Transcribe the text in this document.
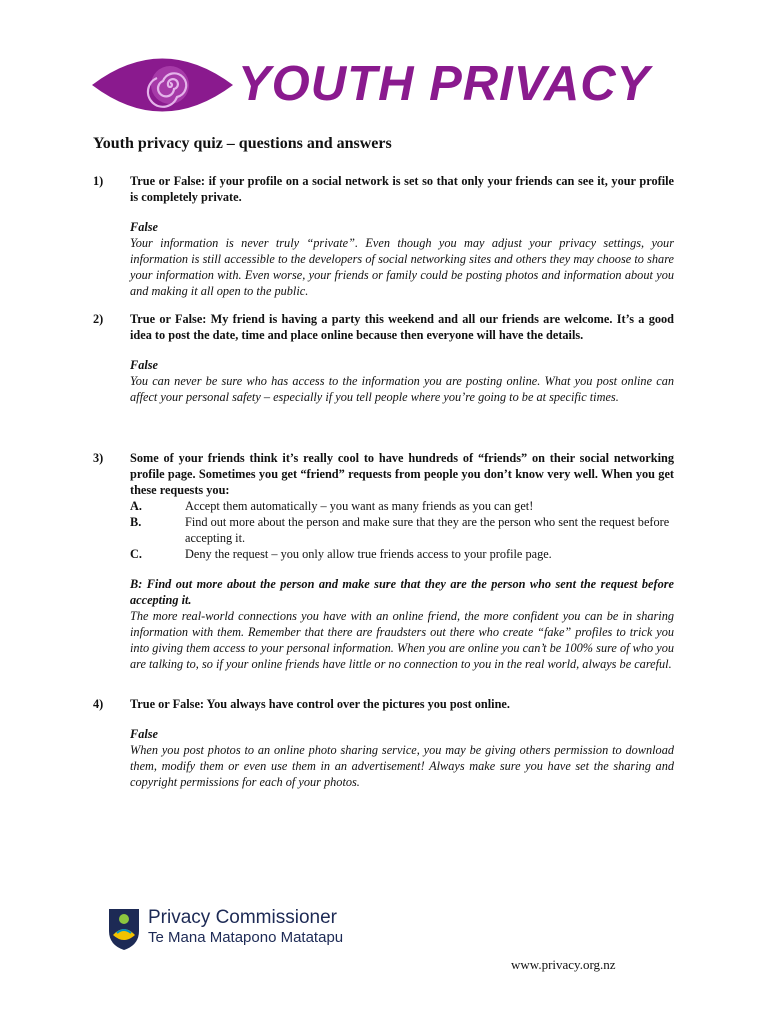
YOUTH PRIVACY
Youth privacy quiz – questions and answers
1) True or False: if your profile on a social network is set so that only your friends can see it, your profile is completely private.
False
Your information is never truly “private”. Even though you may adjust your privacy settings, your information is still accessible to the developers of social networking sites and others they may choose to share your information with. Even worse, your friends or family could be posting photos and information about you and making it all open to the public.
2) True or False: My friend is having a party this weekend and all our friends are welcome. It’s a good idea to post the date, time and place online because then everyone will have the details.
False
You can never be sure who has access to the information you are posting online. What you post online can affect your personal safety – especially if you tell people where you’re going to be at specific times.
3) Some of your friends think it’s really cool to have hundreds of “friends” on their social networking profile page. Sometimes you get “friend” requests from people you don’t know very well. When you get these requests you:
A.	Accept them automatically – you want as many friends as you can get!
B.	Find out more about the person and make sure that they are the person who sent the request before accepting it.
C.	Deny the request – you only allow true friends access to your profile page.
B: Find out more about the person and make sure that they are the person who sent the request before accepting it.
The more real-world connections you have with an online friend, the more confident you can be in sharing information with them. Remember that there are fraudsters out there who create “fake” profiles to trick you into giving them access to your personal information. When you are online you can’t be 100% sure of who you are talking to, so if your online friends have little or no connection to you in the real world, always be careful.
4) True or False: You always have control over the pictures you post online.
False
When you post photos to an online photo sharing service, you may be giving others permission to download them, modify them or even use them in an advertisement! Always make sure you have set the sharing and copyright permissions for each of your photos.
Privacy Commissioner
Te Mana Matapono Matatapu
www.privacy.org.nz
